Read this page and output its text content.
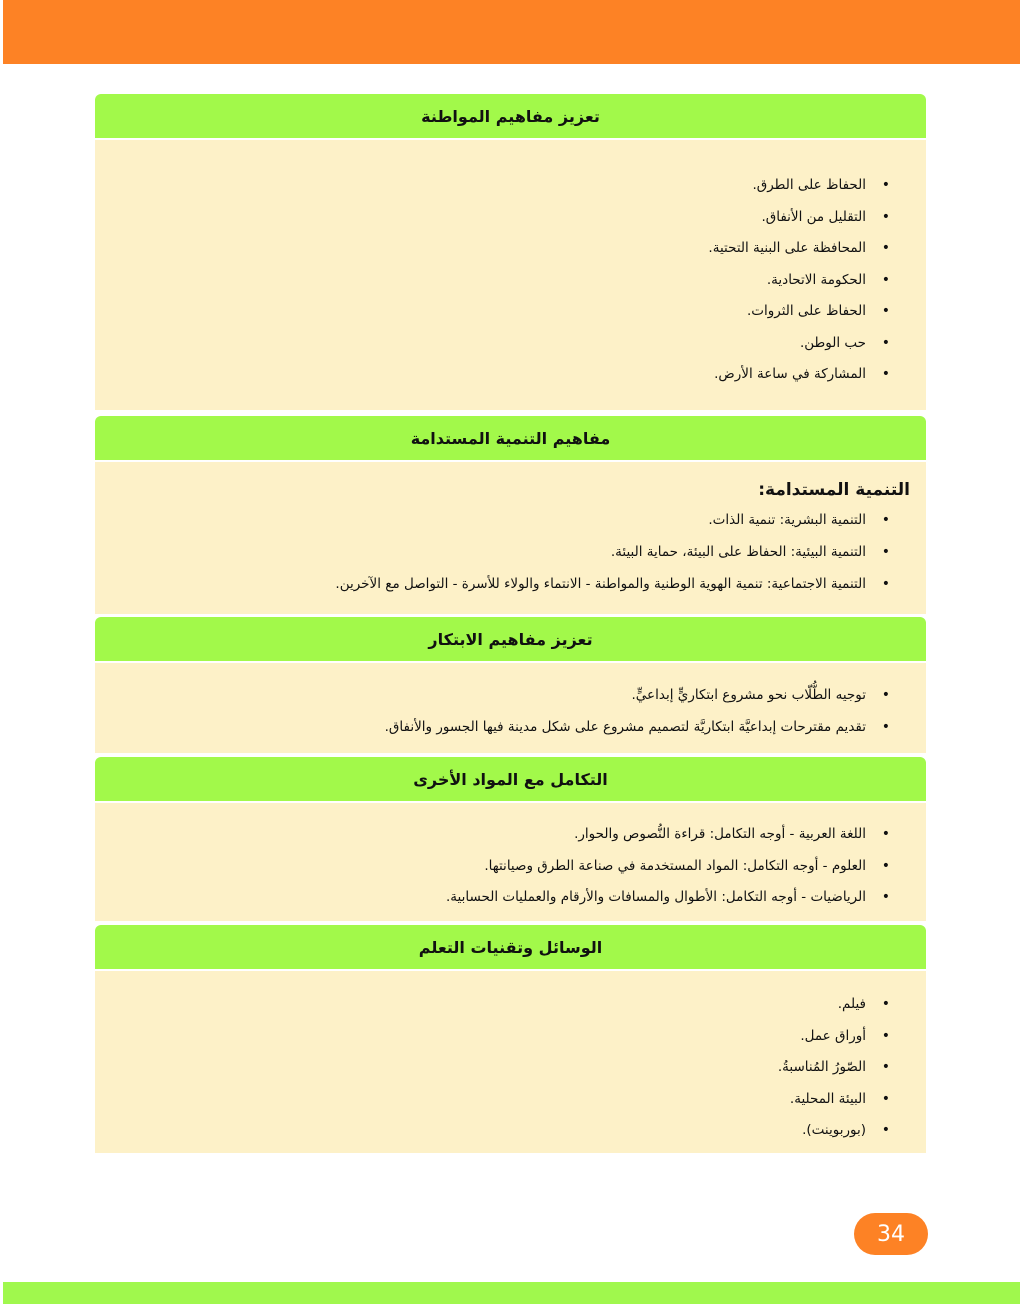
تعزيز مفاهيم المواطنة
• الحفاظ على الطرق.
• التقليل من الأنفاق.
• المحافظة على البنية التحتية.
• الحكومة الاتحادية.
• الحفاظ على الثروات.
• حب الوطن.
• المشاركة في ساعة الأرض.
مفاهيم التنمية المستدامة
التنمية المستدامة:
• التنمية البشرية: تنمية الذات.
• التنمية البيئية: الحفاظ على البيئة، حماية البيئة.
• التنمية الاجتماعية: تنمية الهوية الوطنية والمواطنة - الانتماء والولاء للأسرة - التواصل مع الآخرين.
تعزيز مفاهيم الابتكار
• توجيه الطُّلّاب نحو مشروع ابتكاريٍّ إبداعيٍّ.
• تقديم مقترحات إبداعيَّة ابتكاريَّة لتصميم مشروع على شكل مدينة فيها الجسور والأنفاق.
التكامل مع المواد الأخرى
• اللغة العربية - أوجه التكامل: قراءة النُّصوص والحوار.
• العلوم - أوجه التكامل: المواد المستخدمة في صناعة الطرق وصيانتها.
• الرياضيات - أوجه التكامل: الأطوال والمسافات والأرقام والعمليات الحسابية.
الوسائل وتقنيات التعلم
• فيلم.
• أوراق عمل.
• الصّورُ المُناسبةُ.
• البيئة المحلية.
• (بوربوينت).
34
